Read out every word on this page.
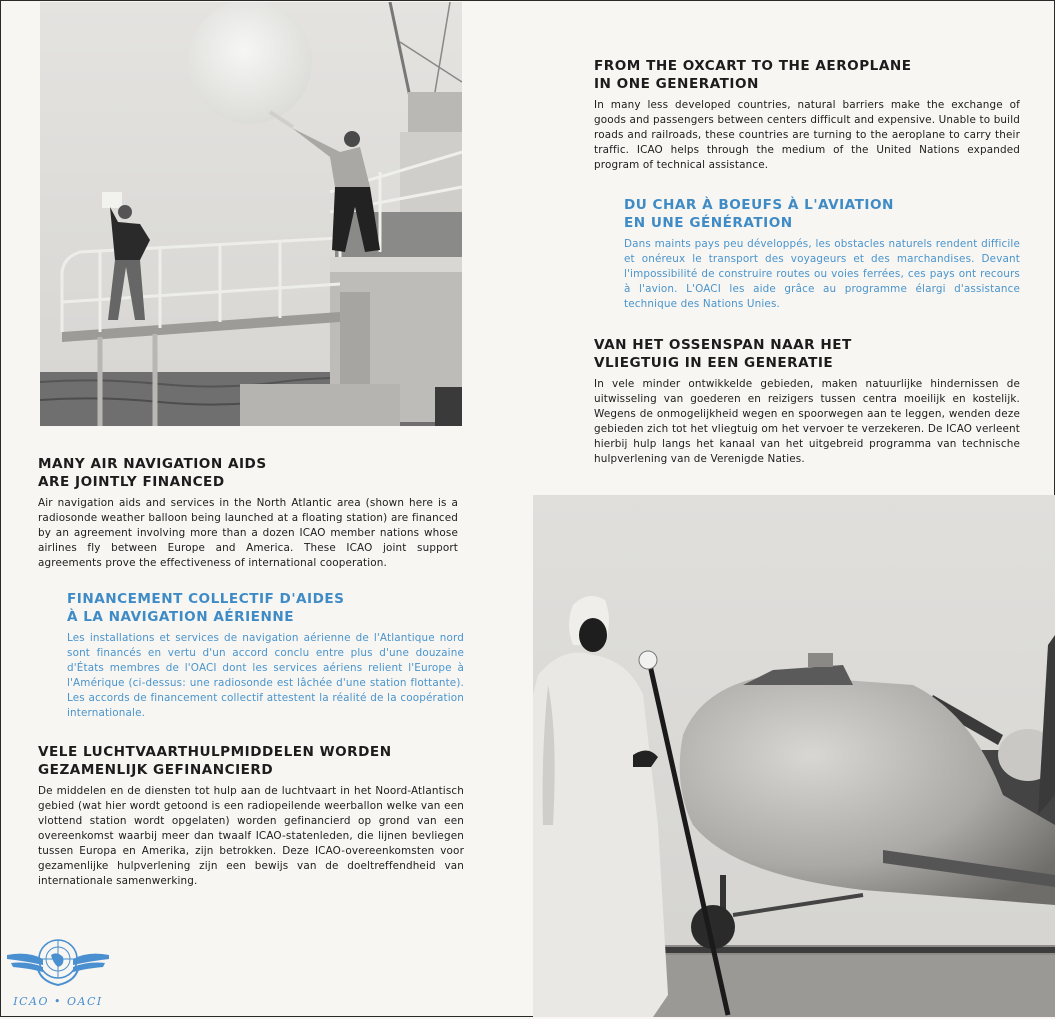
FROM THE OXCART TO THE AEROPLANE
IN ONE GENERATION

In many less developed countries, natural barriers make the exchange of goods and passengers between centers difficult and expensive. Unable to build roads and railroads, these countries are turning to the aeroplane to carry their traffic. ICAO helps through the medium of the United Nations expanded program of technical assistance.

DU CHAR À BOEUFS À L'AVIATION
EN UNE GÉNÉRATION

Dans maints pays peu développés, les obstacles naturels rendent difficile et onéreux le transport des voyageurs et des marchandises. Devant l'impossibilité de construire routes ou voies ferrées, ces pays ont recours à l'avion. L'OACI les aide grâce au programme élargi d'assistance technique des Nations Unies.

VAN HET OSSENSPAN NAAR HET
VLIEGTUIG IN EEN GENERATIE

In vele minder ontwikkelde gebieden, maken natuurlijke hindernissen de uitwisseling van goederen en reizigers tussen centra moeilijk en kostelijk. Wegens de onmogelijkheid wegen en spoorwegen aan te leggen, wenden deze gebieden zich tot het vliegtuig om het vervoer te verzekeren. De ICAO verleent hierbij hulp langs het kanaal van het uitgebreid programma van technische hulpverlening van de Verenigde Naties.

MANY AIR NAVIGATION AIDS
ARE JOINTLY FINANCED

Air navigation aids and services in the North Atlantic area (shown here is a radiosonde weather balloon being launched at a floating station) are financed by an agreement involving more than a dozen ICAO member nations whose airlines fly between Europe and America. These ICAO joint support agreements prove the effectiveness of international cooperation.

FINANCEMENT COLLECTIF D'AIDES
À LA NAVIGATION AÉRIENNE

Les installations et services de navigation aérienne de l'Atlantique nord sont financés en vertu d'un accord conclu entre plus d'une douzaine d'États membres de l'OACI dont les services aériens relient l'Europe à l'Amérique (ci-dessus: une radiosonde est lâchée d'une station flottante). Les accords de financement collectif attestent la réalité de la coopération internationale.

VELE LUCHTVAARTHULPMIDDELEN WORDEN
GEZAMENLIJK GEFINANCIERD

De middelen en de diensten tot hulp aan de luchtvaart in het Noord-Atlantisch gebied (wat hier wordt getoond is een radiopeilende weerballon welke van een vlottend station wordt opgelaten) worden gefinancierd op grond van een overeenkomst waarbij meer dan twaalf ICAO-statenleden, die lijnen bevliegen tussen Europa en Amerika, zijn betrokken. Deze ICAO-overeenkomsten voor gezamenlijke hulpverlening zijn een bewijs van de doeltreffendheid van internationale samenwerking.

ICAO • OACI
